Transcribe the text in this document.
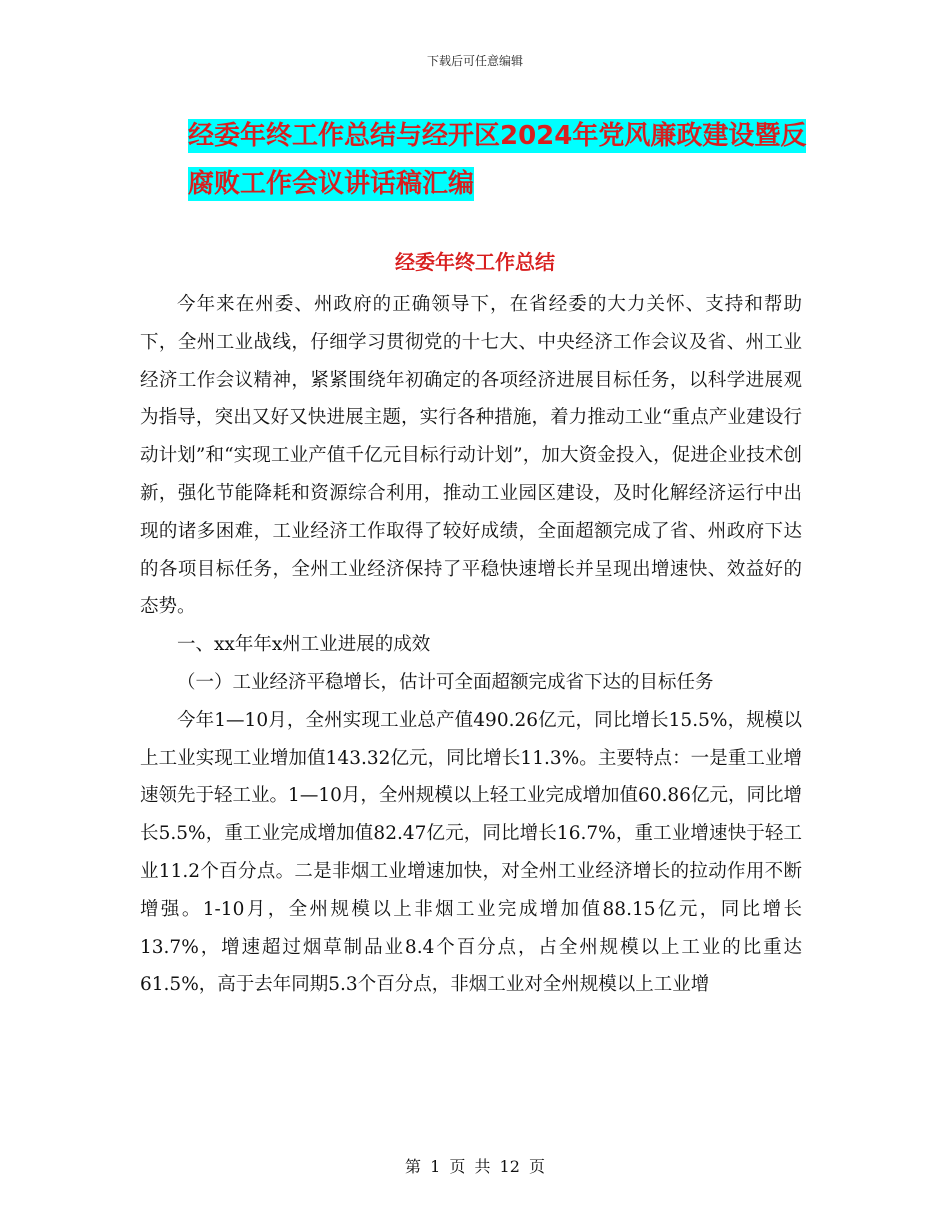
下载后可任意编辑
经委年终工作总结与经开区2024年党风廉政建设暨反
腐败工作会议讲话稿汇编
经委年终工作总结

今年来在州委、州政府的正确领导下，在省经委的大力关怀、支持和帮助下，全州工业战线，仔细学习贯彻党的十七大、中央经济工作会议及省、州工业经济工作会议精神，紧紧围绕年初确定的各项经济进展目标任务，以科学进展观为指导，突出又好又快进展主题，实行各种措施，着力推动工业“重点产业建设行动计划”和“实现工业产值千亿元目标行动计划”，加大资金投入，促进企业技术创新，强化节能降耗和资源综合利用，推动工业园区建设，及时化解经济运行中出现的诸多困难，工业经济工作取得了较好成绩，全面超额完成了省、州政府下达的各项目标任务，全州工业经济保持了平稳快速增长并呈现出增速快、效益好的态势。

一、xx年年x州工业进展的成效

（一）工业经济平稳增长，估计可全面超额完成省下达的目标任务

今年1—10月，全州实现工业总产值490.26亿元，同比增长15.5%，规模以上工业实现工业增加值143.32亿元，同比增长11.3%。主要特点：一是重工业增速领先于轻工业。1—10月，全州规模以上轻工业完成增加值60.86亿元，同比增长5.5%，重工业完成增加值82.47亿元，同比增长16.7%，重工业增速快于轻工业11.2个百分点。二是非烟工业增速加快，对全州工业经济增长的拉动作用不断增强。1-10月，全州规模以上非烟工业完成增加值88.15亿元，同比增长13.7%，增速超过烟草制品业8.4个百分点，占全州规模以上工业的比重达61.5%，高于去年同期5.3个百分点，非烟工业对全州规模以上工业增

第 1 页 共 12 页
